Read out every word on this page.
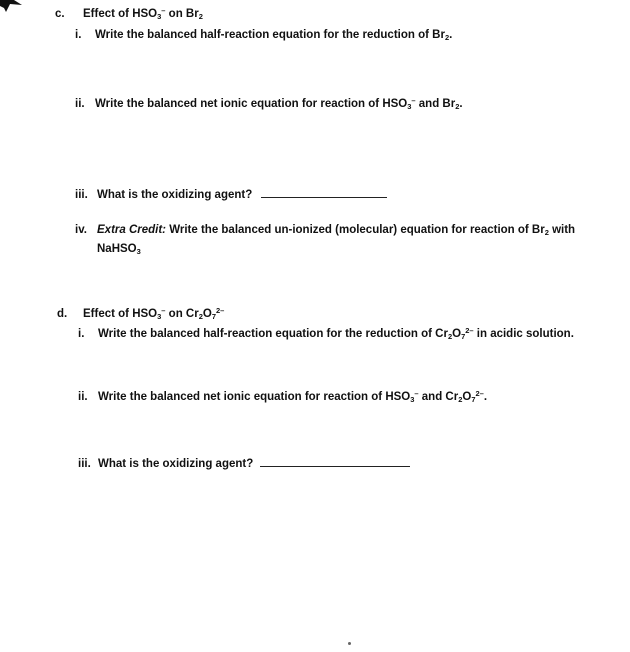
c. Effect of $HSO_3^-$ on $Br_2$
i. Write the balanced half-reaction equation for the reduction of $Br_2$.
ii. Write the balanced net ionic equation for reaction of $HSO_3^-$ and $Br_2$.
iii. What is the oxidizing agent?
iv. Extra Credit: Write the balanced un-ionized (molecular) equation for reaction of $Br_2$ with
NaHSO$_3$
d. Effect of $HSO_3^-$ on $Cr_2O_7^{2-}$
i. Write the balanced half-reaction equation for the reduction of $Cr_2O_7^{2-}$ in acidic solution.
ii. Write the balanced net ionic equation for reaction of $HSO_3^-$ and $Cr_2O_7^{2-}$.
iii. What is the oxidizing agent?
